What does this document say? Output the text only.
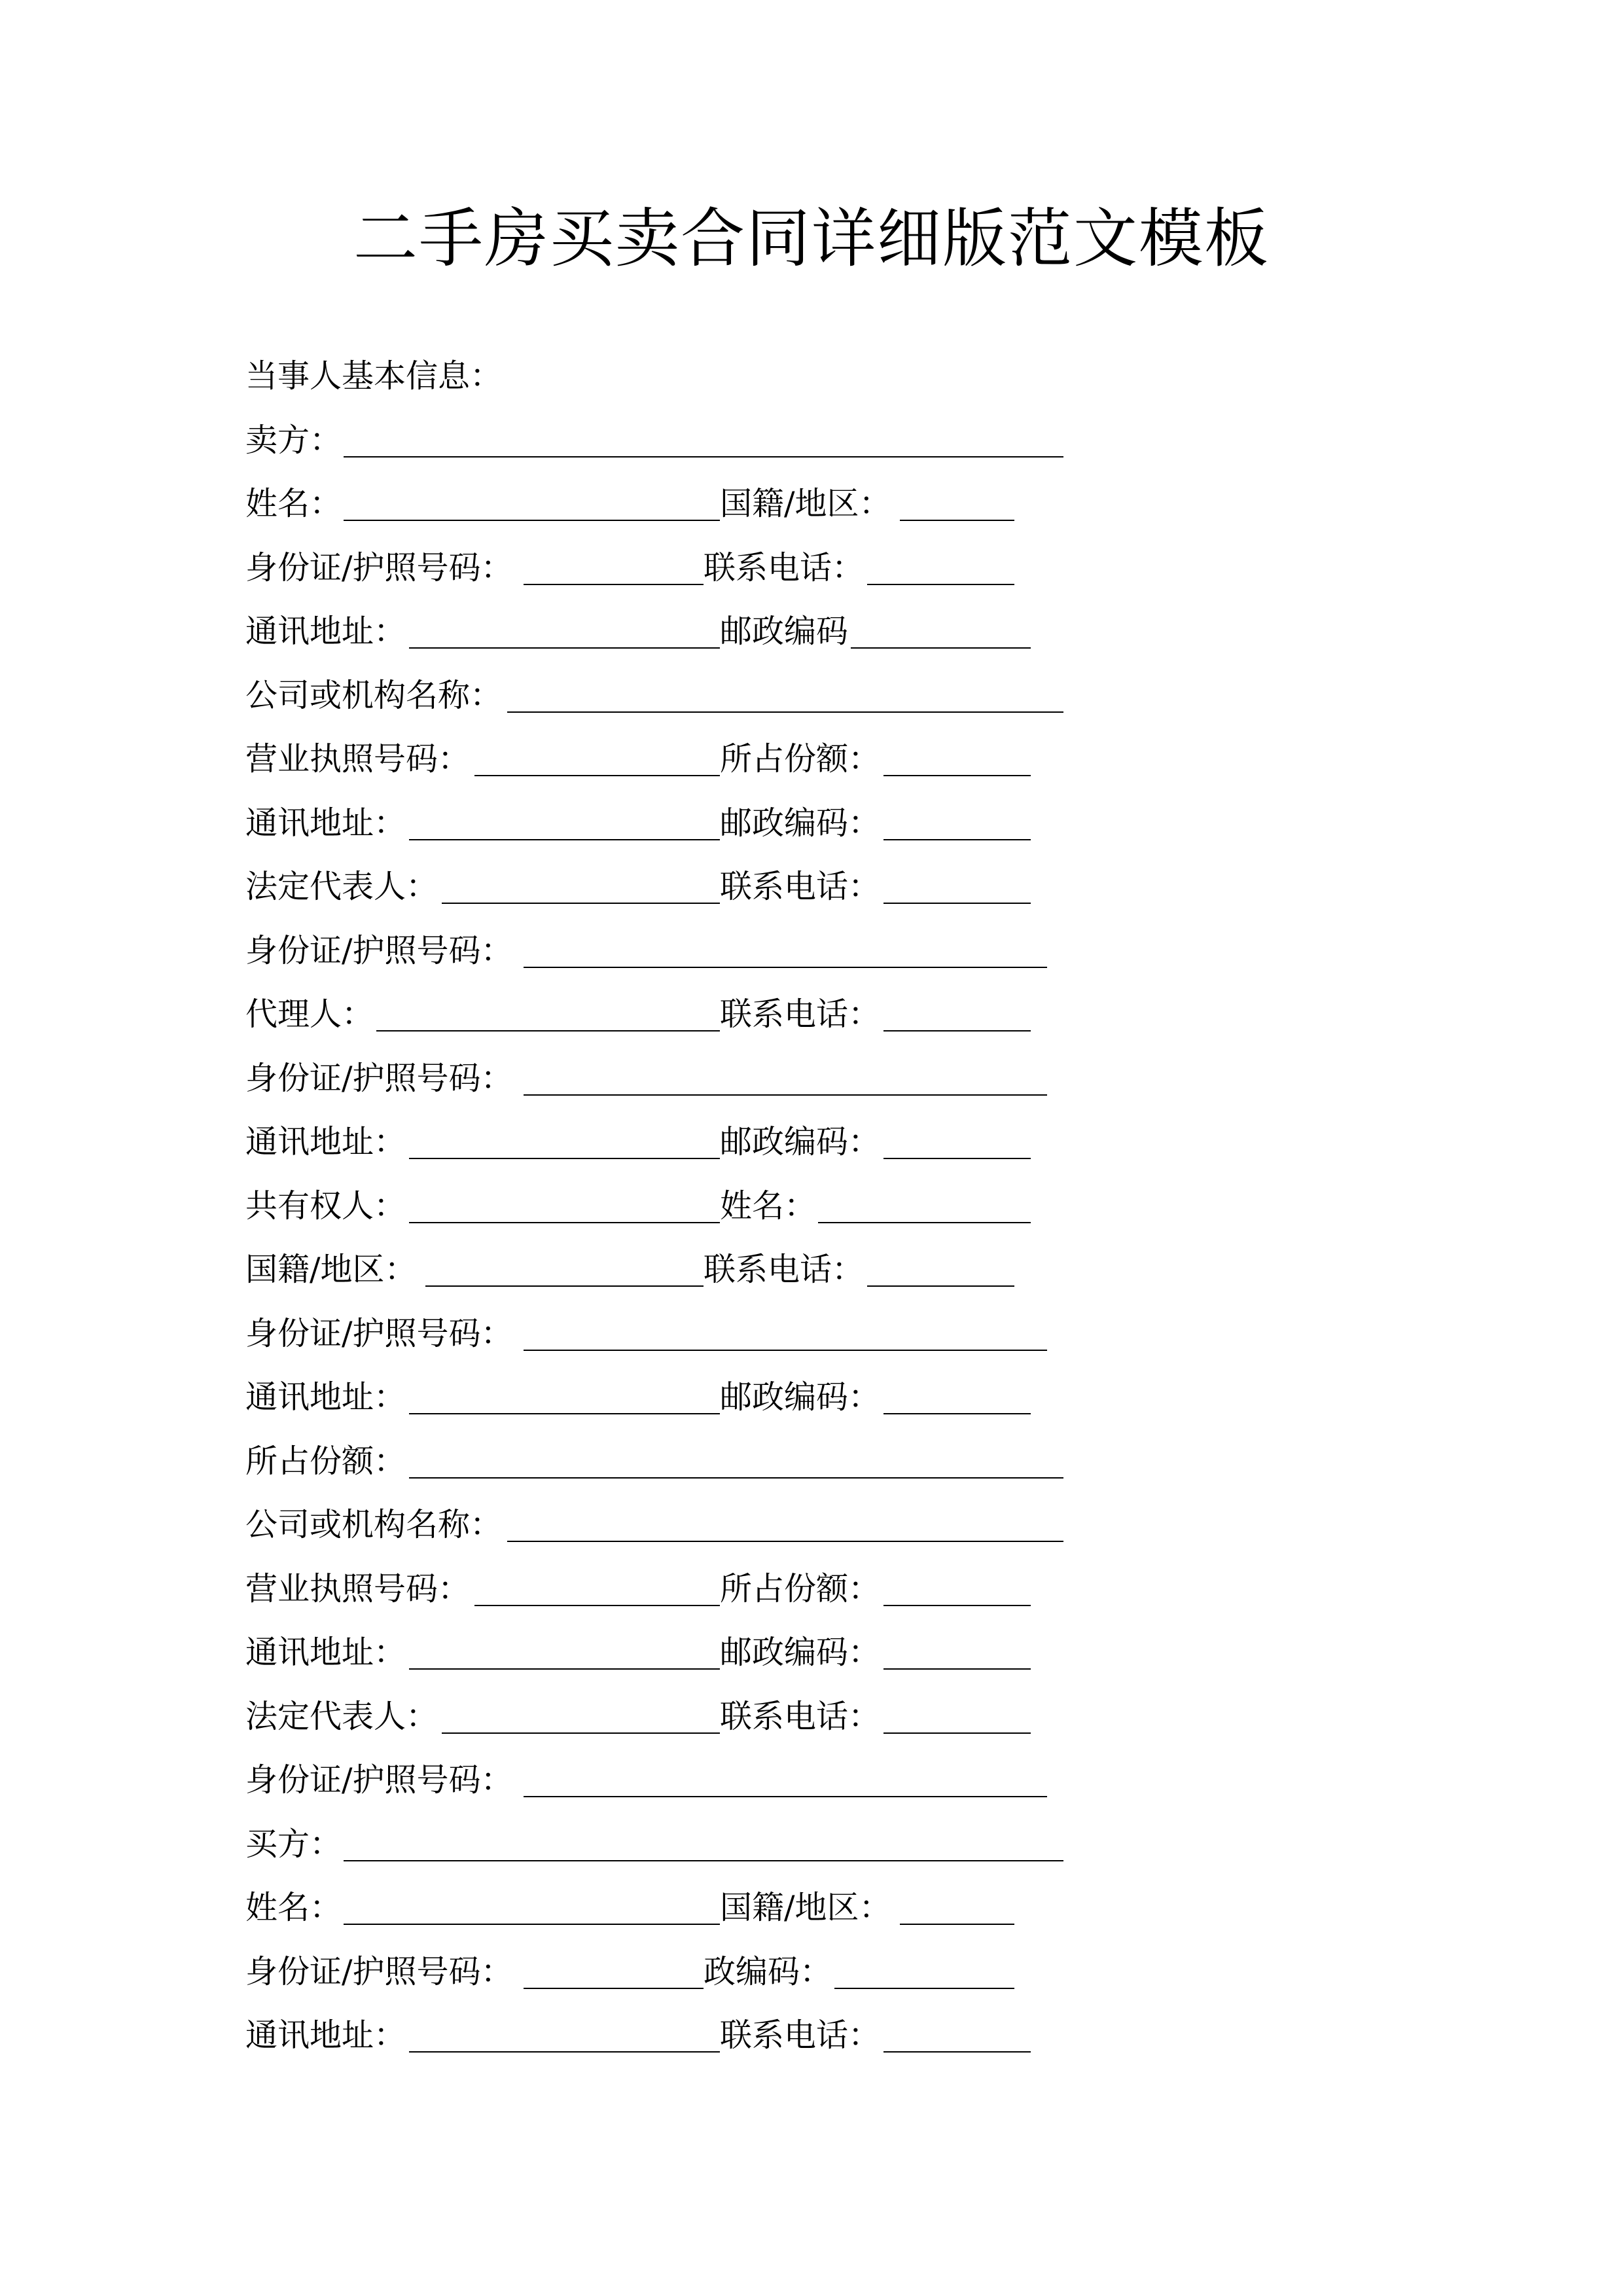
二手房买卖合同详细版范文模板
当事人基本信息：
卖方：
姓名：	国籍/地区：
身份证/护照号码：	联系电话：
通讯地址：	邮政编码
公司或机构名称：
营业执照号码：	所占份额：
通讯地址：	邮政编码：
法定代表人：	联系电话：
身份证/护照号码：
代理人：	联系电话：
身份证/护照号码：
通讯地址：	邮政编码：
共有权人：	姓名：
国籍/地区：	联系电话：
身份证/护照号码：
通讯地址：	邮政编码：
所占份额：
公司或机构名称：
营业执照号码：	所占份额：
通讯地址：	邮政编码：
法定代表人：	联系电话：
身份证/护照号码：
买方：
姓名：	国籍/地区：
身份证/护照号码：	政编码：
通讯地址：	联系电话：
